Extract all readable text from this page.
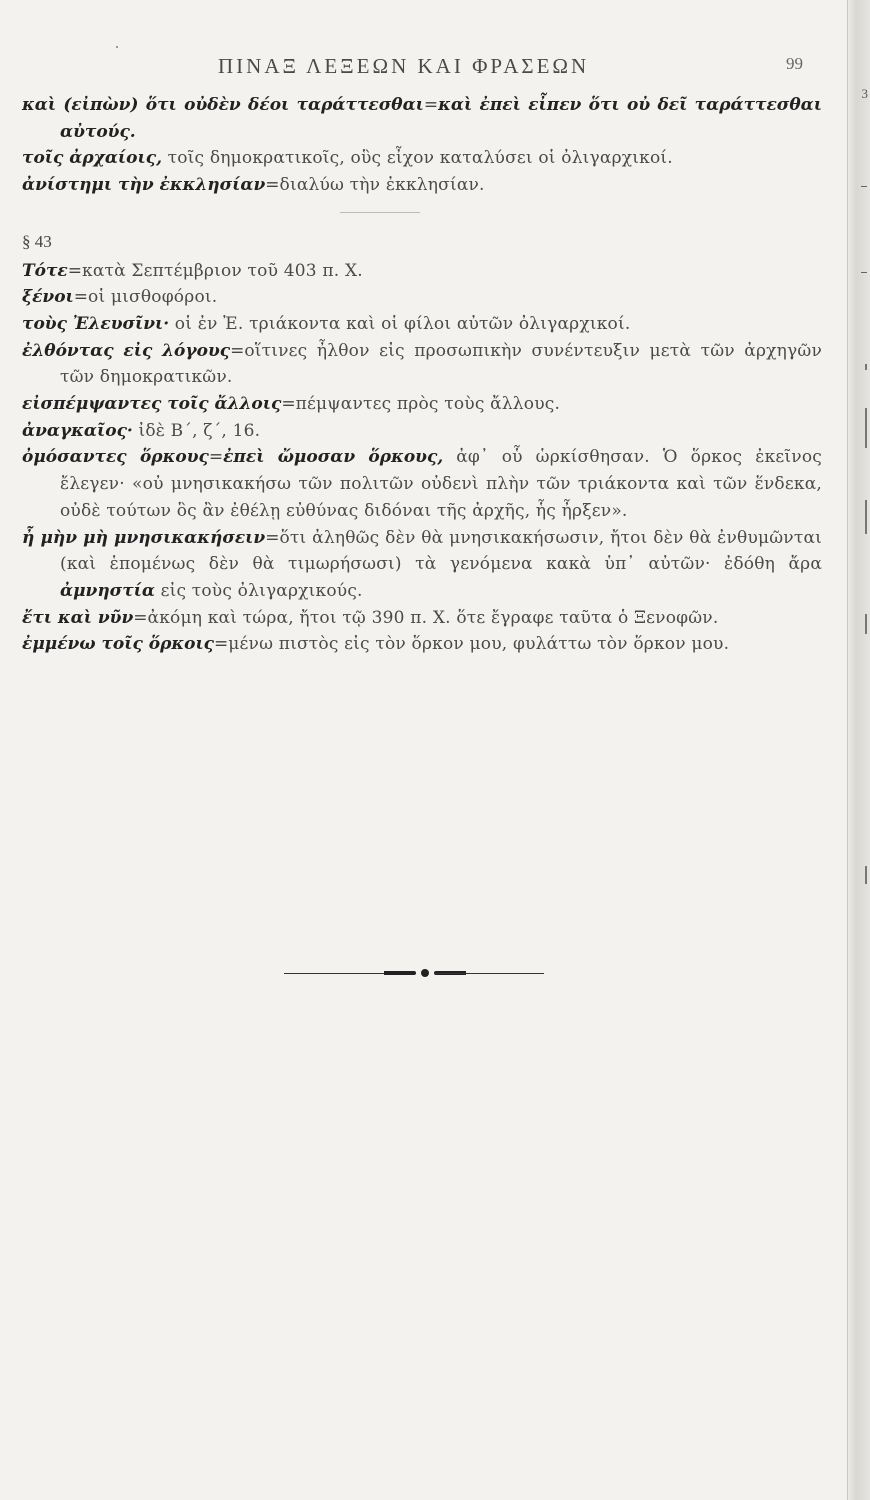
3
ΠΙΝΑΞ ΛΕΞΕΩΝ ΚΑΙ ΦΡΑΣΕΩΝ	99

καὶ (εἰπὼν) ὅτι οὐδὲν δέοι ταράττεσθαι=καὶ ἐπεὶ εἶπεν ὅτι οὐ δεῖ ταράττεσθαι αὐτούς.

τοῖς ἀρχαίοις, τοῖς δημοκρατικοῖς, οὓς εἶχον καταλύσει οἱ ὀλιγαρχικοί.

ἀνίστημι τὴν ἐκκλησίαν=διαλύω τὴν ἐκκλησίαν.

§ 43

Τότε=κατὰ Σεπτέμβριον τοῦ 403 π. Χ.

ξένοι=οἱ μισθοφόροι.

τοὺς Ἐλευσῖνι· οἱ ἐν Ἐ. τριάκοντα καὶ οἱ φίλοι αὐτῶν ὀλιγαρχικοί.

ἐλθόντας εἰς λόγους=οἵτινες ἦλθον εἰς προσωπικὴν συνέντευξιν μετὰ τῶν ἀρχηγῶν τῶν δημοκρατικῶν.

εἰσπέμψαντες τοῖς ἄλλοις=πέμψαντες πρὸς τοὺς ἄλλους.

ἀναγκαῖος· ἰδὲ Β΄, ζ΄, 16.

ὀμόσαντες ὅρκους=ἐπεὶ ὤμοσαν ὅρκους, ἀφ᾽ οὗ ὡρκίσθησαν. Ὁ ὅρκος ἐκεῖνος ἔλεγεν· «οὐ μνησικακήσω τῶν πολιτῶν οὐδενὶ πλὴν τῶν τριάκοντα καὶ τῶν ἕνδεκα, οὐδὲ τούτων ὃς ἂν ἐθέλῃ εὐθύνας διδόναι τῆς ἀρχῆς, ἧς ἦρξεν».

ἦ μὴν μὴ μνησικακήσειν=ὅτι ἀληθῶς δὲν θὰ μνησικακήσωσιν, ἤτοι δὲν θὰ ἐνθυμῶνται (καὶ ἑπομένως δὲν θὰ τιμωρήσωσι) τὰ γενόμενα κακὰ ὑπ᾽ αὐτῶν· ἐδόθη ἄρα ἀμνηστία εἰς τοὺς ὀλιγαρχικούς.

ἔτι καὶ νῦν=ἀκόμη καὶ τώρα, ἤτοι τῷ 390 π. Χ. ὅτε ἔγραφε ταῦτα ὁ Ξενοφῶν.

ἐμμένω τοῖς ὅρκοις=μένω πιστὸς εἰς τὸν ὅρκον μου, φυλάττω τὸν ὅρκον μου.
